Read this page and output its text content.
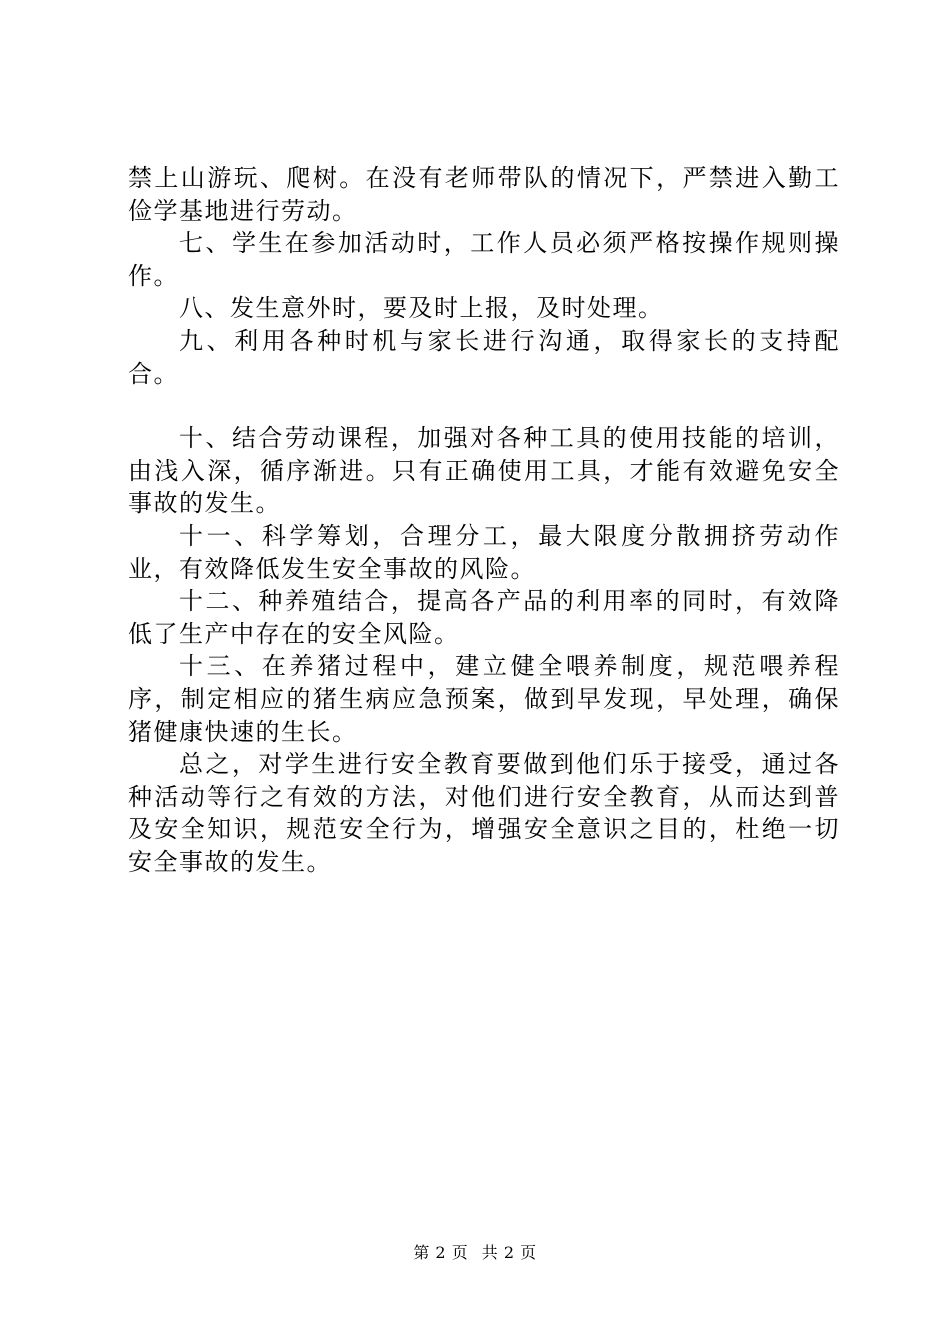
禁上山游玩、爬树。在没有老师带队的情况下，严禁进入勤工俭学基地进行劳动。

七、学生在参加活动时，工作人员必须严格按操作规则操作。

八、发生意外时，要及时上报，及时处理。

九、利用各种时机与家长进行沟通，取得家长的支持配合。

十、结合劳动课程，加强对各种工具的使用技能的培训，由浅入深，循序渐进。只有正确使用工具，才能有效避免安全事故的发生。

十一、科学筹划，合理分工，最大限度分散拥挤劳动作业，有效降低发生安全事故的风险。

十二、种养殖结合，提高各产品的利用率的同时，有效降低了生产中存在的安全风险。

十三、在养猪过程中，建立健全喂养制度，规范喂养程序，制定相应的猪生病应急预案，做到早发现，早处理，确保猪健康快速的生长。

总之，对学生进行安全教育要做到他们乐于接受，通过各种活动等行之有效的方法，对他们进行安全教育，从而达到普及安全知识，规范安全行为，增强安全意识之目的，杜绝一切安全事故的发生。

第 2 页 共 2 页
